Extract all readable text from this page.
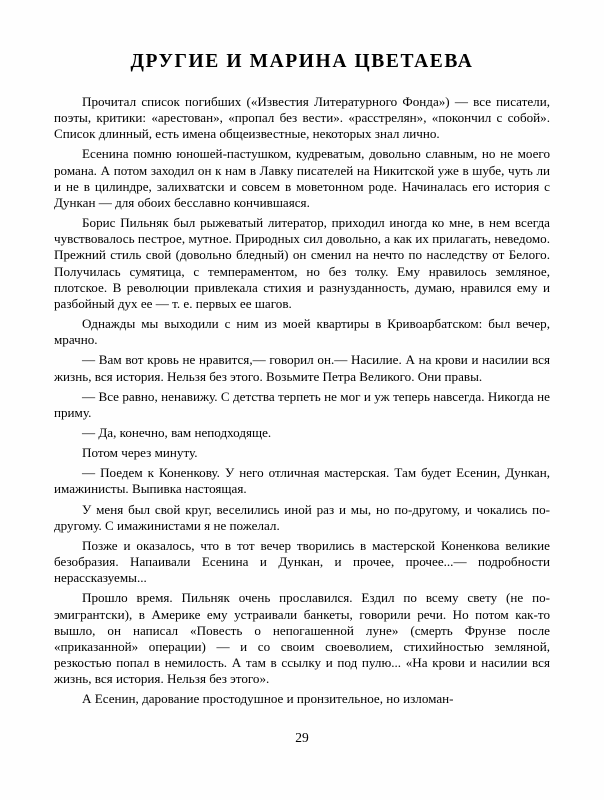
ДРУГИЕ И МАРИНА ЦВЕТАЕВА

Прочитал список погибших («Известия Литературного Фонда») — все писатели, поэты, критики: «арестован», «пропал без вести». «расстрелян», «покончил с собой». Список длинный, есть имена общеизвестные, некоторых знал лично.

Есенина помню юношей-пастушком, кудреватым, довольно славным, но не моего романа. А потом заходил он к нам в Лавку писателей на Никитской уже в шубе, чуть ли и не в цилиндре, залихватски и совсем в моветонном роде. Начиналась его история с Дункан — для обоих бесславно кончившаяся.

Борис Пильняк был рыжеватый литератор, приходил иногда ко мне, в нем всегда чувствовалось пестрое, мутное. Природных сил довольно, а как их прилагать, неведомо. Прежний стиль свой (довольно бледный) он сменил на нечто по наследству от Белого. Получилась сумятица, с темпераментом, но без толку. Ему нравилось земляное, плотское. В революции привлекала стихия и разнузданность, думаю, нравился ему и разбойный дух ее — т. е. первых ее шагов.

Однажды мы выходили с ним из моей квартиры в Кривоарбатском: был вечер, мрачно.

— Вам вот кровь не нравится,— говорил он.— Насилие. А на крови и насилии вся жизнь, вся история. Нельзя без этого. Возьмите Петра Великого. Они правы.

— Все равно, ненавижу. С детства терпеть не мог и уж теперь навсегда. Никогда не приму.

— Да, конечно, вам неподходяще.

Потом через минуту.

— Поедем к Коненкову. У него отличная мастерская. Там будет Есенин, Дункан, имажинисты. Выпивка настоящая.

У меня был свой круг, веселились иной раз и мы, но по-другому, и чокались по-другому. С имажинистами я не пожелал.

Позже и оказалось, что в тот вечер творились в мастерской Коненкова великие безобразия. Напаивали Есенина и Дункан, и прочее, прочее...— подробности нерассказуемы...

Прошло время. Пильняк очень прославился. Ездил по всему свету (не по-эмигрантски), в Америке ему устраивали банкеты, говорили речи. Но потом как-то вышло, он написал «Повесть о непогашенной луне» (смерть Фрунзе после «приказанной» операции) — и со своим своеволием, стихийностью земляной, резкостью попал в немилость. А там в ссылку и под пулю... «На крови и насилии вся жизнь, вся история. Нельзя без этого».

А Есенин, дарование простодушное и пронзительное, но изломан-

29
